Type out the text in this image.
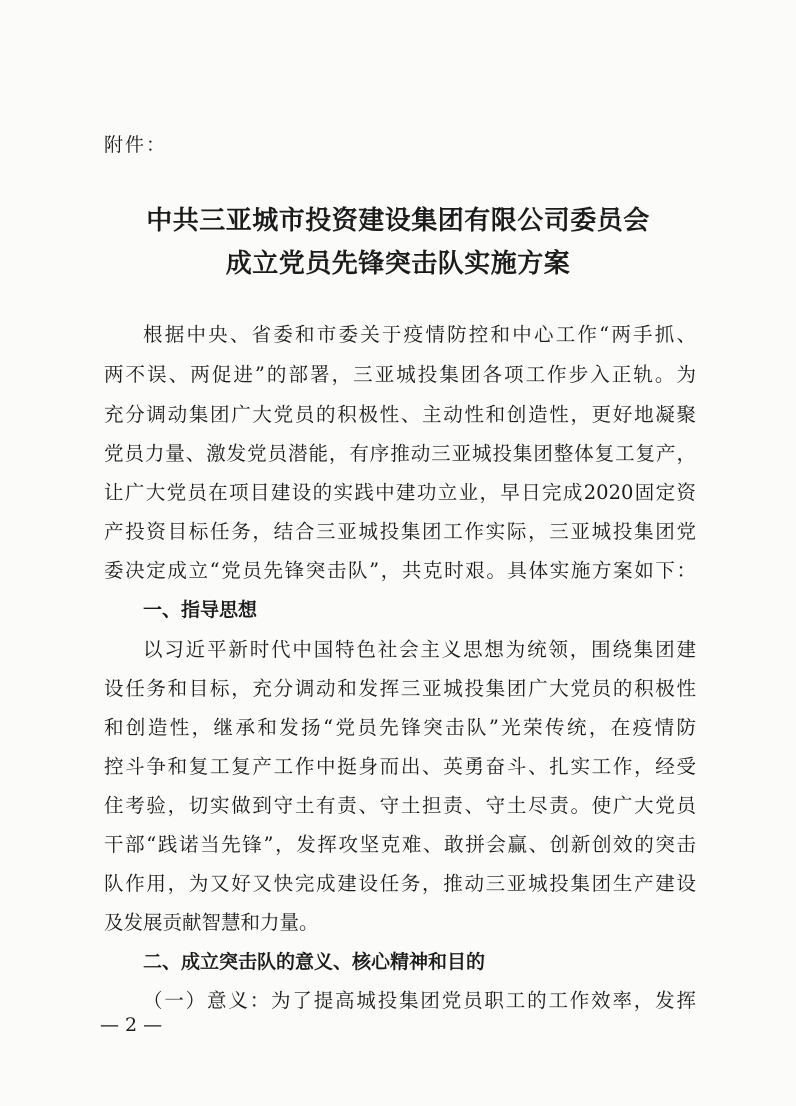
附件：
中共三亚城市投资建设集团有限公司委员会
成立党员先锋突击队实施方案
根据中央、省委和市委关于疫情防控和中心工作“两手抓、
两不误、两促进”的部署，三亚城投集团各项工作步入正轨。为
充分调动集团广大党员的积极性、主动性和创造性，更好地凝聚
党员力量、激发党员潜能，有序推动三亚城投集团整体复工复产，
让广大党员在项目建设的实践中建功立业，早日完成2020固定资
产投资目标任务，结合三亚城投集团工作实际，三亚城投集团党
委决定成立“党员先锋突击队”，共克时艰。具体实施方案如下：
一、指导思想
以习近平新时代中国特色社会主义思想为统领，围绕集团建
设任务和目标，充分调动和发挥三亚城投集团广大党员的积极性
和创造性，继承和发扬“党员先锋突击队”光荣传统，在疫情防
控斗争和复工复产工作中挺身而出、英勇奋斗、扎实工作，经受
住考验，切实做到守土有责、守土担责、守土尽责。使广大党员
干部“践诺当先锋”，发挥攻坚克难、敢拼会赢、创新创效的突击
队作用，为又好又快完成建设任务，推动三亚城投集团生产建设
及发展贡献智慧和力量。
二、成立突击队的意义、核心精神和目的
（一）意义：为了提高城投集团党员职工的工作效率，发挥
— 2 —
